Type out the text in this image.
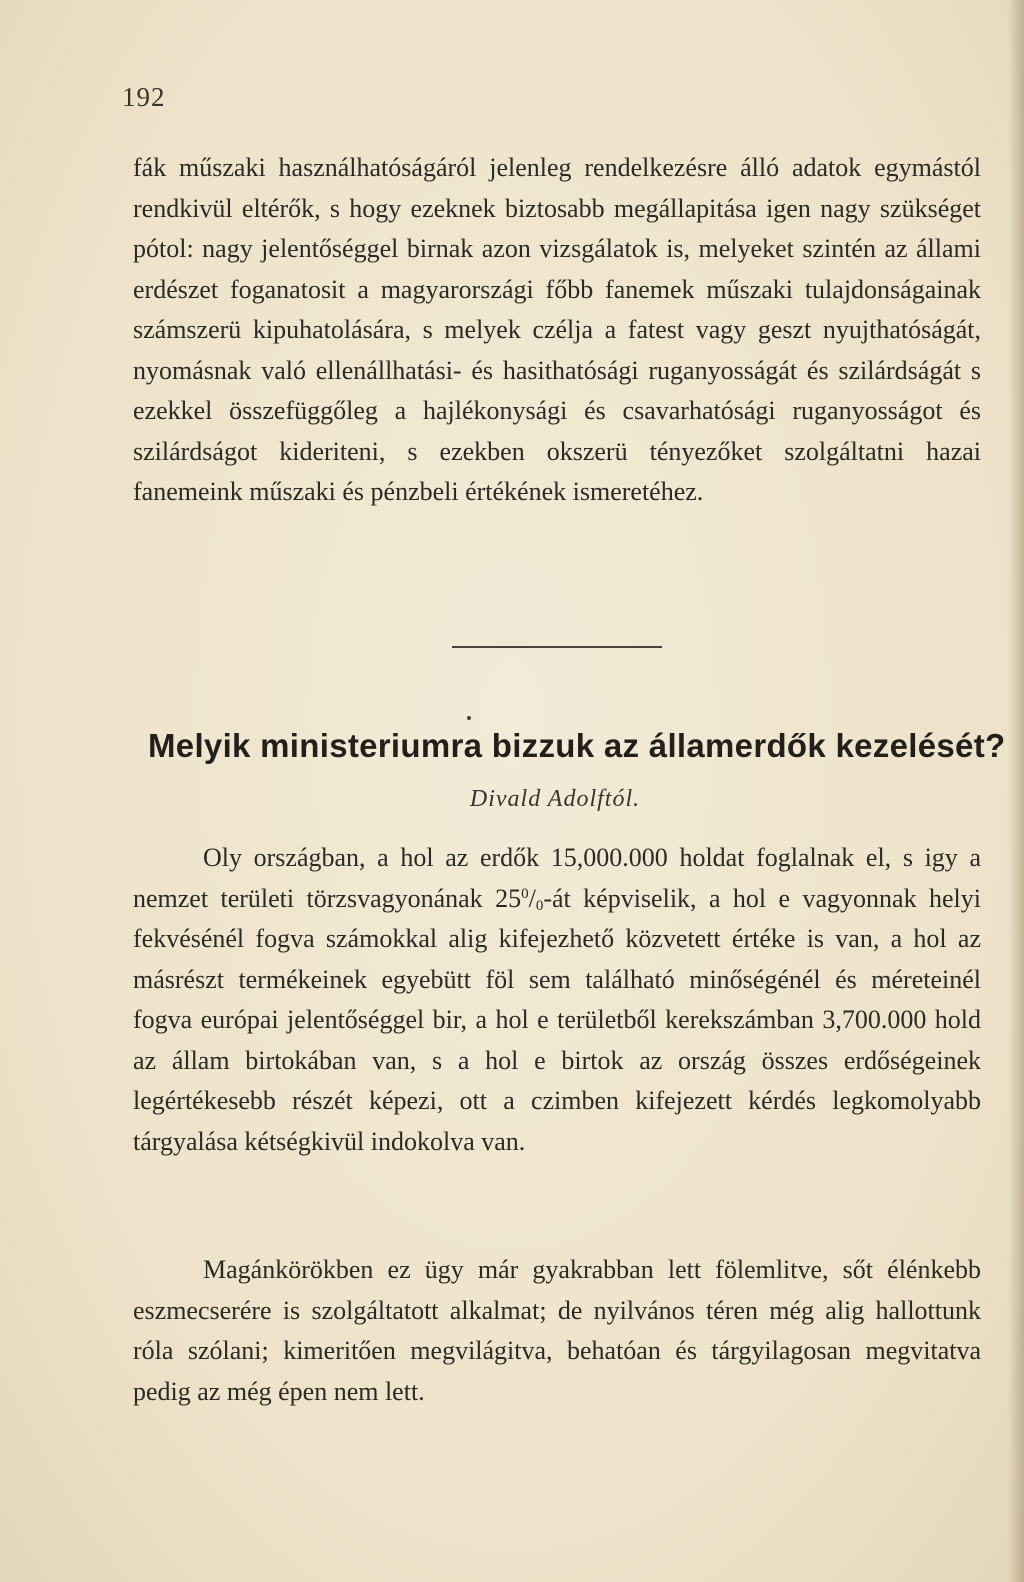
192

fák műszaki használhatóságáról jelenleg rendelkezésre álló adatok egymástól rendkivül eltérők, s hogy ezeknek biztosabb megállapitása igen nagy szükséget pótol: nagy jelentőséggel birnak azon vizsgálatok is, melyeket szintén az állami erdészet foganatosit a magyarországi főbb fanemek műszaki tulajdonságainak számszerü kipuhatolására, s melyek czélja a fatest vagy geszt nyujthatóságát, nyomásnak való ellenállhatási- és hasithatósági ruganyosságát és szilárdságát s ezekkel összefüggőleg a hajlékonysági és csavarhatósági ruganyosságot és szilárdságot kideriteni, s ezekben okszerü tényezőket szolgáltatni hazai fanemeink műszaki és pénzbeli értékének ismeretéhez.

Melyik ministeriumra bizzuk az államerdők kezelését?
Divald Adolftól.

Oly országban, a hol az erdők 15,000.000 holdat foglalnak el, s igy a nemzet területi törzsvagyonának $25^0/_0-át$ képviselik, a hol e vagyonnak helyi fekvésénél fogva számokkal alig kifejezhető közvetett értéke is van, a hol az másrészt termékeinek egyebütt föl sem található minőségénél és méreteinél fogva európai jelentőséggel bir, a hol e területből kerekszámban 3,700.000 hold az állam birtokában van, s a hol e birtok az ország összes erdőségeinek legértékesebb részét képezi, ott a czimben kifejezett kérdés legkomolyabb tárgyalása kétségkivül indokolva van.

Magánkörökben ez ügy már gyakrabban lett fölemlitve, sőt élénkebb eszmecserére is szolgáltatott alkalmat; de nyilvános téren még alig hallottunk róla szólani; kimeritően megvilágitva, behatóan és tárgyilagosan megvitatva pedig az még épen nem lett.
